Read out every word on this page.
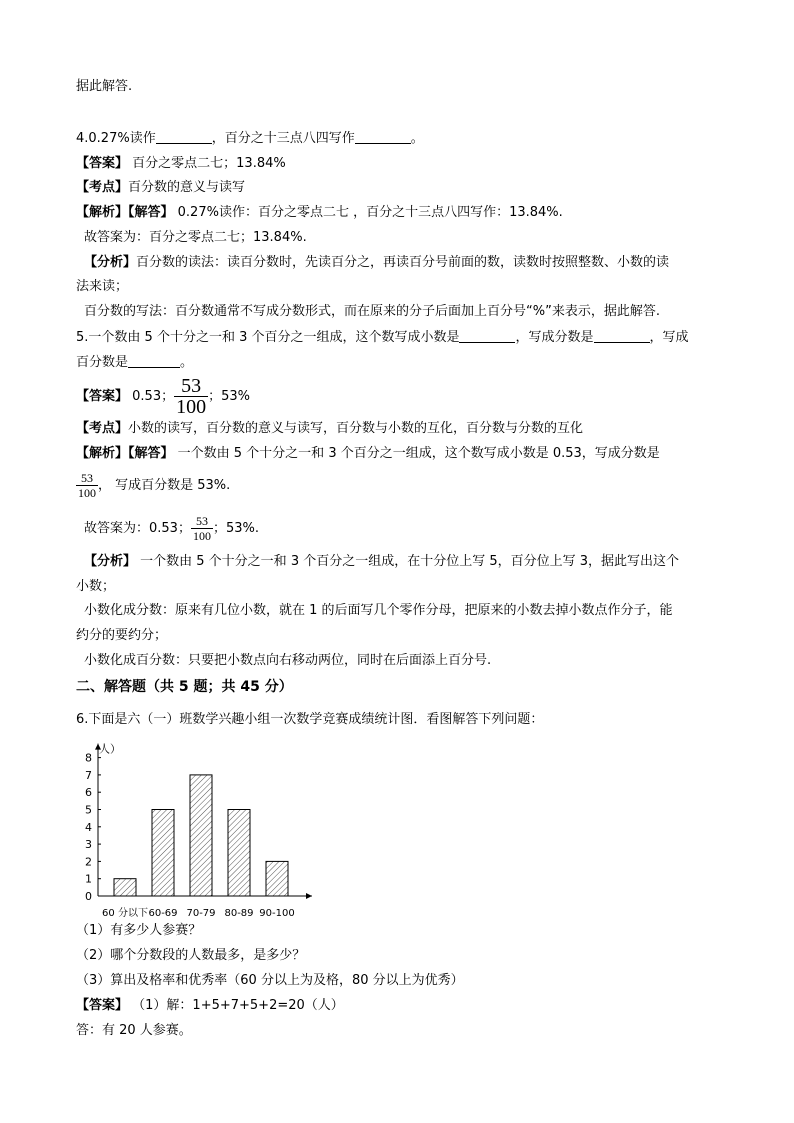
据此解答.
4.0.27%读作	，百分之十三点八四写作	。
【答案】 百分之零点二七；13.84%
【考点】百分数的意义与读写
【解析】【解答】 0.27%读作：百分之零点二七 ，百分之十三点八四写作：13.84%.
故答案为：百分之零点二七；13.84%.
【分析】百分数的读法：读百分数时，先读百分之，再读百分号前面的数，读数时按照整数、小数的读
法来读；
百分数的写法：百分数通常不写成分数形式，而在原来的分子后面加上百分号“%”来表示，据此解答.
5.一个数由 5 个十分之一和 3 个百分之一组成，这个数写成小数是	，写成分数是	，写成
百分数是	。
【答案】 0.53； $\frac{53}{100}$ ；53%
【考点】小数的读写，百分数的意义与读写，百分数与小数的互化，百分数与分数的互化
【解析】【解答】 一个数由 5 个十分之一和 3 个百分之一组成，这个数写成小数是 0.53，写成分数是
$\frac{53}{100}$ ， 写成百分数是 53%.
故答案为：0.53； $\frac{53}{100}$ ；53%.
【分析】 一个数由 5 个十分之一和 3 个百分之一组成，在十分位上写 5，百分位上写 3，据此写出这个
小数；
小数化成分数：原来有几位小数，就在 1 的后面写几个零作分母，把原来的小数去掉小数点作分子，能
约分的要约分；
小数化成百分数：只要把小数点向右移动两位，同时在后面添上百分号.
二、解答题（共 5 题；共 45 分）
6.下面是六（一）班数学兴趣小组一次数学竞赛成绩统计图．看图解答下列问题：
人）
0
1
2
3
4
5
6
7
8
60 分以下 60-69 70-79 80-89 90-100
（1）有多少人参赛？
（2）哪个分数段的人数最多，是多少？
（3）算出及格率和优秀率（60 分以上为及格，80 分以上为优秀）
【答案】 （1）解：1+5+7+5+2=20（人）
答：有 20 人参赛。
